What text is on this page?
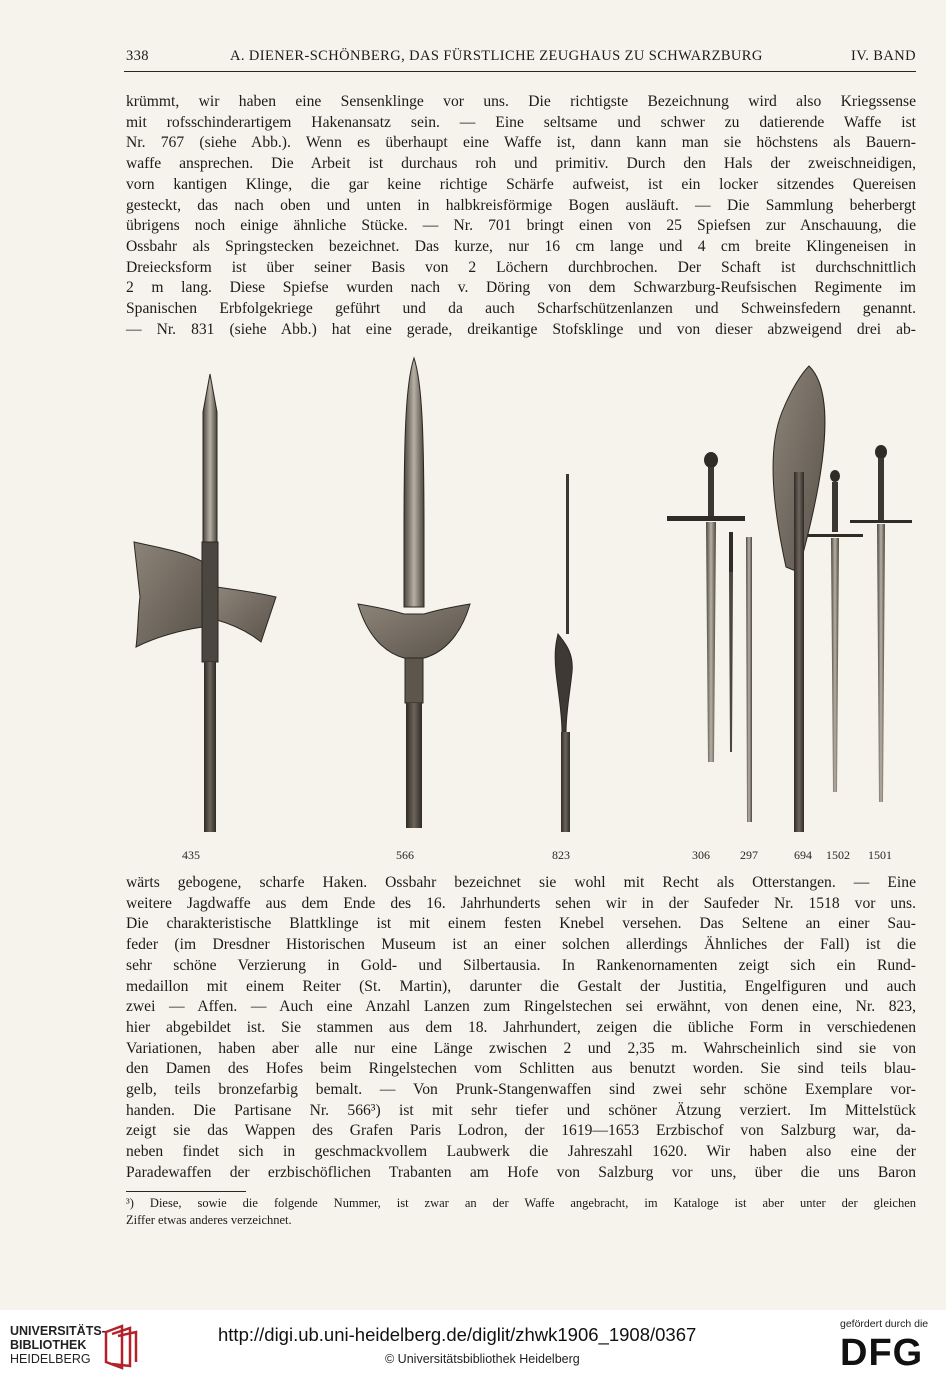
338	A. DIENER-SCHÖNBERG, DAS FÜRSTLICHE ZEUGHAUS ZU SCHWARZBURG	IV. BAND
krümmt, wir haben eine Sensenklinge vor uns. Die richtigste Bezeichnung wird also Kriegssense
mit rofsschinderartigem Hakenansatz sein. — Eine seltsame und schwer zu datierende Waffe ist
Nr. 767 (siehe Abb.). Wenn es überhaupt eine Waffe ist, dann kann man sie höchstens als Bauern-
waffe ansprechen. Die Arbeit ist durchaus roh und primitiv. Durch den Hals der zweischneidigen,
vorn kantigen Klinge, die gar keine richtige Schärfe aufweist, ist ein locker sitzendes Quereisen
gesteckt, das nach oben und unten in halbkreisförmige Bogen ausläuft. — Die Sammlung beherbergt
übrigens noch einige ähnliche Stücke. — Nr. 701 bringt einen von 25 Spiefsen zur Anschauung, die
Ossbahr als Springstecken bezeichnet. Das kurze, nur 16 cm lange und 4 cm breite Klingeneisen in
Dreiecksform ist über seiner Basis von 2 Löchern durchbrochen. Der Schaft ist durchschnittlich
2 m lang. Diese Spiefse wurden nach v. Döring von dem Schwarzburg-Reufsischen Regimente im
Spanischen Erbfolgekriege geführt und da auch Scharfschützenlanzen und Schweinsfedern genannt.
— Nr. 831 (siehe Abb.) hat eine gerade, dreikantige Stofsklinge und von dieser abzweigend drei ab-
435	566	823	306	297	694 1502 1501
wärts gebogene, scharfe Haken. Ossbahr bezeichnet sie wohl mit Recht als Otterstangen. — Eine
weitere Jagdwaffe aus dem Ende des 16. Jahrhunderts sehen wir in der Saufeder Nr. 1518 vor uns.
Die charakteristische Blattklinge ist mit einem festen Knebel versehen. Das Seltene an einer Sau-
feder (im Dresdner Historischen Museum ist an einer solchen allerdings Ähnliches der Fall) ist die
sehr schöne Verzierung in Gold- und Silbertausia. In Rankenornamenten zeigt sich ein Rund-
medaillon mit einem Reiter (St. Martin), darunter die Gestalt der Justitia, Engelfiguren und auch
zwei — Affen. — Auch eine Anzahl Lanzen zum Ringelstechen sei erwähnt, von denen eine, Nr. 823,
hier abgebildet ist. Sie stammen aus dem 18. Jahrhundert, zeigen die übliche Form in verschiedenen
Variationen, haben aber alle nur eine Länge zwischen 2 und 2,35 m. Wahrscheinlich sind sie von
den Damen des Hofes beim Ringelstechen vom Schlitten aus benutzt worden. Sie sind teils blau-
gelb, teils bronzefarbig bemalt. — Von Prunk-Stangenwaffen sind zwei sehr schöne Exemplare vor-
handen. Die Partisane Nr. 566³) ist mit sehr tiefer und schöner Ätzung verziert. Im Mittelstück
zeigt sie das Wappen des Grafen Paris Lodron, der 1619—1653 Erzbischof von Salzburg war, da-
neben findet sich in geschmackvollem Laubwerk die Jahreszahl 1620. Wir haben also eine der
Paradewaffen der erzbischöflichen Trabanten am Hofe von Salzburg vor uns, über die uns Baron
³) Diese, sowie die folgende Nummer, ist zwar an der Waffe angebracht, im Kataloge ist aber unter der gleichen
Ziffer etwas anderes verzeichnet.
UNIVERSITÄTS-
BIBLIOTHEK
HEIDELBERG
http://digi.ub.uni-heidelberg.de/diglit/zhwk1906_1908/0367
© Universitätsbibliothek Heidelberg
gefördert durch die
DFG
